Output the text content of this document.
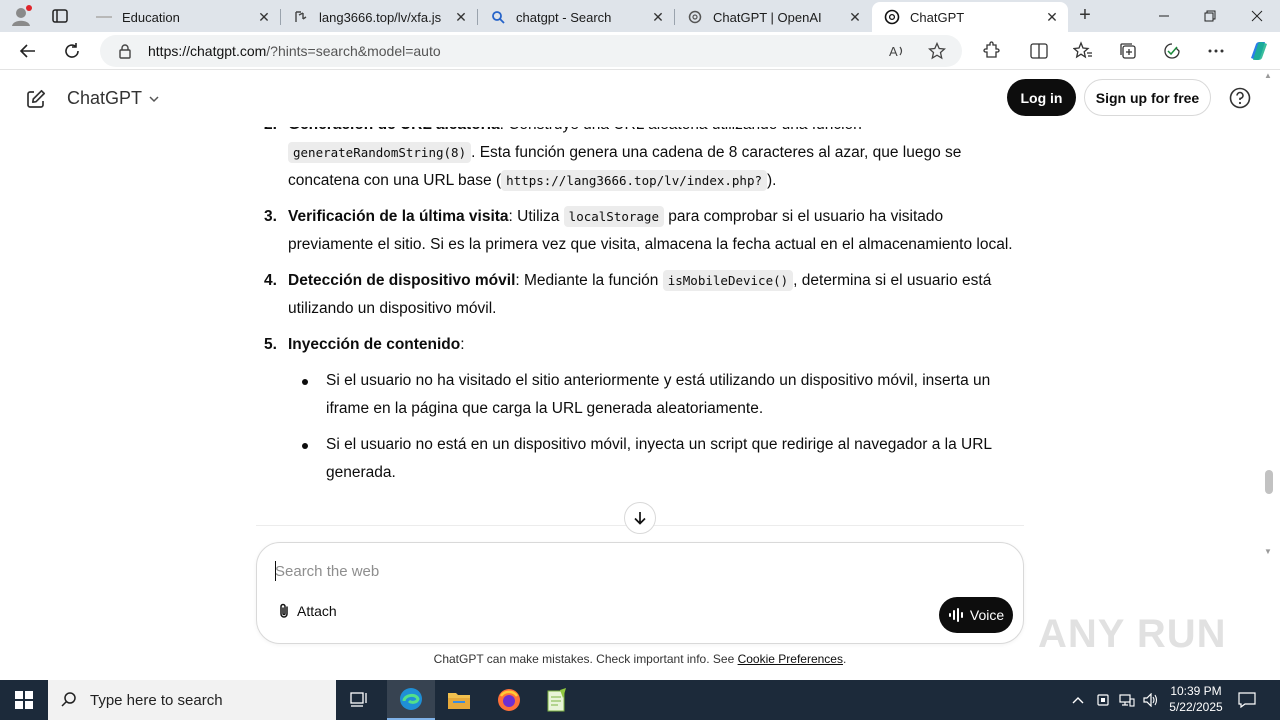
Education	✕	lang3666.top/lv/xfa.js ✕	chatgpt - Search	✕	ChatGPT | OpenAI	✕	ChatGPT	✕ +
https://chatgpt.com/?hints=search&model=auto	A
ChatGPT	Log in	Sign up for free
generateRandomString(8) . Esta función genera una cadena de 8 caracteres al azar, que luego se concatena con una URL base ( https://lang3666.top/lv/index.php? ).
3. Verificación de la última visita: Utiliza localStorage para comprobar si el usuario ha visitado previamente el sitio. Si es la primera vez que visita, almacena la fecha actual en el almacenamiento local.
4. Detección de dispositivo móvil: Mediante la función isMobileDevice() , determina si el usuario está utilizando un dispositivo móvil.
5. Inyección de contenido:
Si el usuario no ha visitado el sitio anteriormente y está utilizando un dispositivo móvil, inserta un iframe en la página que carga la URL generada aleatoriamente.
Si el usuario no está en un dispositivo móvil, inyecta un script que redirige al navegador a la URL generada.
Search the web
Attach	Voice
ChatGPT can make mistakes. Check important info. See Cookie Preferences.
▲
▼
ANY RUN
Type here to search
10:39 PM
5/22/2025
